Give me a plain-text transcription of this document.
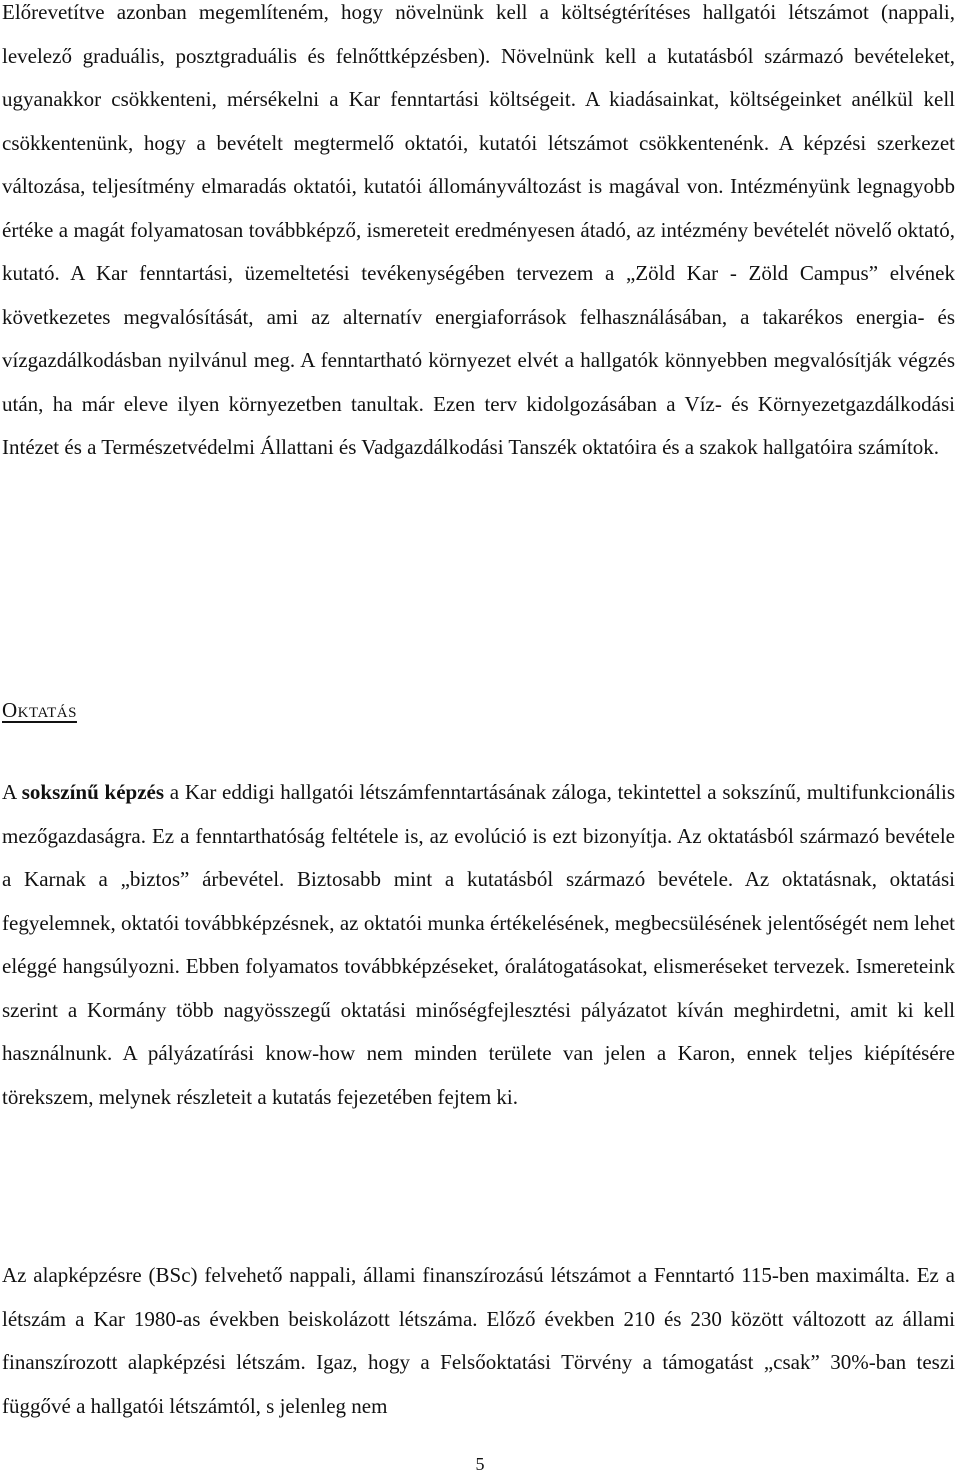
Előrevetítve azonban megemlíteném, hogy növelnünk kell a költségtérítéses hallgatói létszámot (nappali, levelező graduális, posztgraduális és felnőttképzésben). Növelnünk kell a kutatásból származó bevételeket, ugyanakkor csökkenteni, mérsékelni a Kar fenntartási költségeit. A kiadásainkat, költségeinket anélkül kell csökkentenünk, hogy a bevételt megtermelő oktatói, kutatói létszámot csökkentenénk. A képzési szerkezet változása, teljesítmény elmaradás oktatói, kutatói állományváltozást is magával von. Intézményünk legnagyobb értéke a magát folyamatosan továbbképző, ismereteit eredményesen átadó, az intézmény bevételét növelő oktató, kutató. A Kar fenntartási, üzemeltetési tevékenységében tervezem a „Zöld Kar - Zöld Campus” elvének következetes megvalósítását, ami az alternatív energiaforrások felhasználásában, a takarékos energia- és vízgazdálkodásban nyilvánul meg. A fenntartható környezet elvét a hallgatók könnyebben megvalósítják végzés után, ha már eleve ilyen környezetben tanultak. Ezen terv kidolgozásában a Víz- és Környezetgazdálkodási Intézet és a Természetvédelmi Állattani és Vadgazdálkodási Tanszék oktatóira és a szakok hallgatóira számítok.

Oktatás

A sokszínű képzés a Kar eddigi hallgatói létszámfenntartásának záloga, tekintettel a sokszínű, multifunkcionális mezőgazdaságra. Ez a fenntarthatóság feltétele is, az evolúció is ezt bizonyítja. Az oktatásból származó bevétele a Karnak a „biztos” árbevétel. Biztosabb mint a kutatásból származó bevétele. Az oktatásnak, oktatási fegyelemnek, oktatói továbbképzésnek, az oktatói munka értékelésének, megbecsülésének jelentőségét nem lehet eléggé hangsúlyozni. Ebben folyamatos továbbképzéseket, óralátogatásokat, elismeréseket tervezek. Ismereteink szerint a Kormány több nagyösszegű oktatási minőségfejlesztési pályázatot kíván meghirdetni, amit ki kell használnunk. A pályázatírási know-how nem minden területe van jelen a Karon, ennek teljes kiépítésére törekszem, melynek részleteit a kutatás fejezetében fejtem ki.

Az alapképzésre (BSc) felvehető nappali, állami finanszírozású létszámot a Fenntartó 115-ben maximálta. Ez a létszám a Kar 1980-as években beiskolázott létszáma. Előző években 210 és 230 között változott az állami finanszírozott alapképzési létszám. Igaz, hogy a Felsőoktatási Törvény a támogatást „csak” 30%-ban teszi függővé a hallgatói létszámtól, s jelenleg nem

5
